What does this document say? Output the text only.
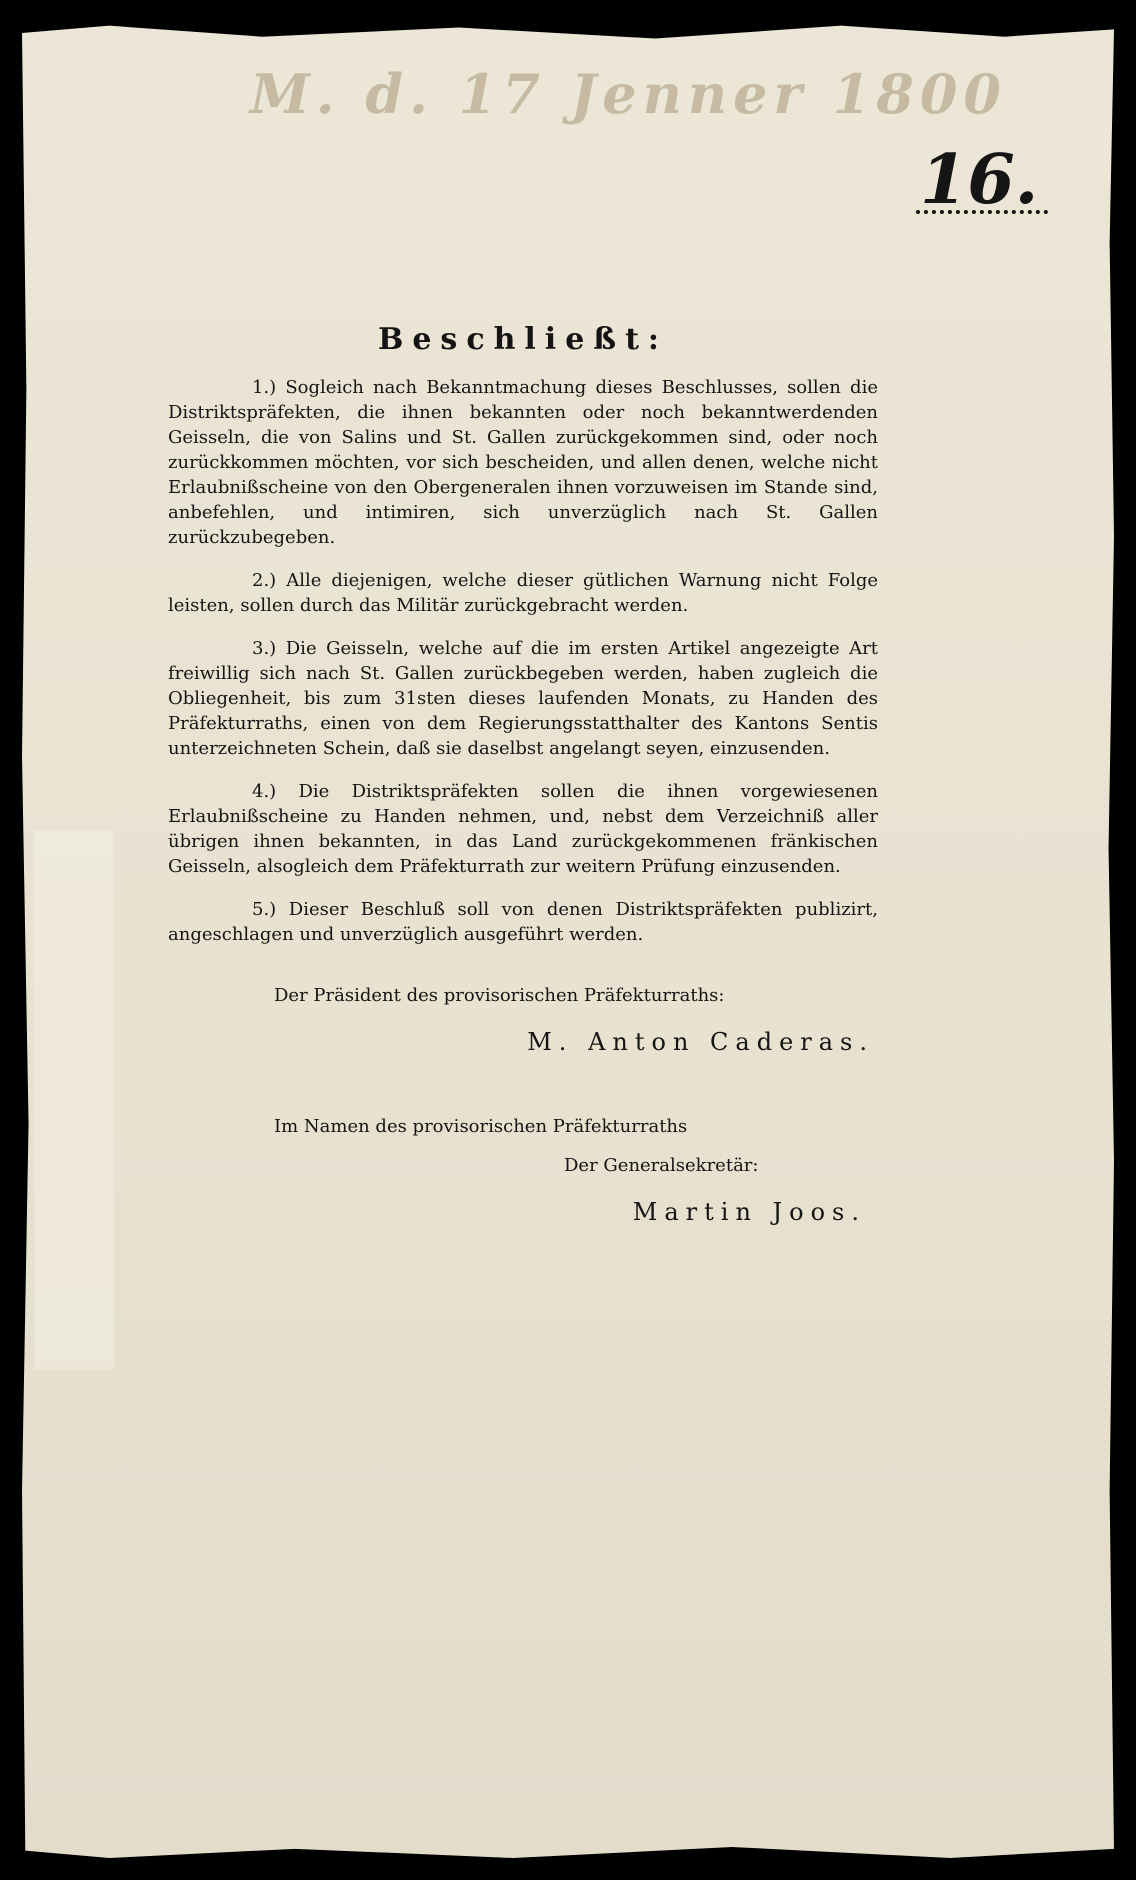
M. d. 17 Jenner 1800
16.
Beschließt:

1.) Sogleich nach Bekanntmachung dieses Beschlusses, sollen die Distriktspräfekten, die ihnen bekannten oder noch bekanntwerdenden Geisseln, die von Salins und St. Gallen zurückgekommen sind, oder noch zurückkommen möchten, vor sich bescheiden, und allen denen, welche nicht Erlaubnißscheine von den Obergeneralen ihnen vorzuweisen im Stande sind, anbefehlen, und intimiren, sich unverzüglich nach St. Gallen zurückzubegeben.

2.) Alle diejenigen, welche dieser gütlichen Warnung nicht Folge leisten, sollen durch das Militär zurückgebracht werden.

3.) Die Geisseln, welche auf die im ersten Artikel angezeigte Art freiwillig sich nach St. Gallen zurückbegeben werden, haben zugleich die Obliegenheit, bis zum 31sten dieses laufenden Monats, zu Handen des Präfekturraths, einen von dem Regierungsstatthalter des Kantons Sentis unterzeichneten Schein, daß sie daselbst angelangt seyen, einzusenden.

4.) Die Distriktspräfekten sollen die ihnen vorgewiesenen Erlaubnißscheine zu Handen nehmen, und, nebst dem Verzeichniß aller übrigen ihnen bekannten, in das Land zurückgekommenen fränkischen Geisseln, alsogleich dem Präfekturrath zur weitern Prüfung einzusenden.

5.) Dieser Beschluß soll von denen Distriktspräfekten publizirt, angeschlagen und unverzüglich ausgeführt werden.

Der Präsident des provisorischen Präfekturraths:
M. Anton Caderas.
Im Namen des provisorischen Präfekturraths
Der Generalsekretär:
Martin Joos.
